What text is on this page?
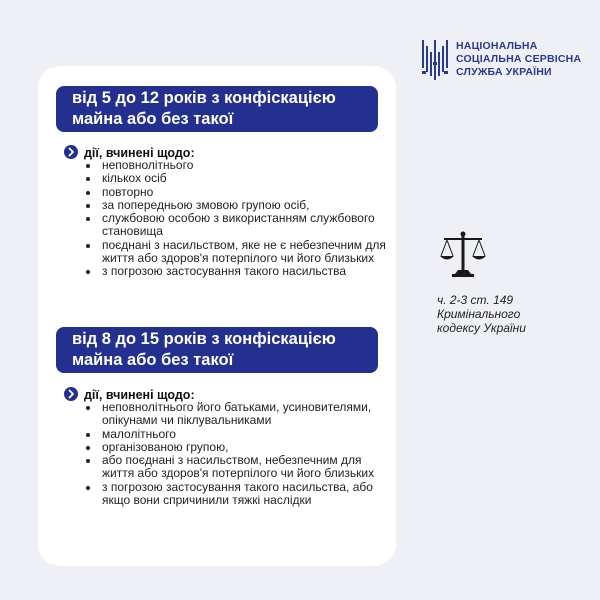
НАЦІОНАЛЬНА
СОЦІАЛЬНА СЕРВІСНА
СЛУЖБА УКРАЇНИ
від 5 до 12 років з конфіскацією
майна або без такої
дії, вчинені щодо:
• неповнолітнього
• кількох осіб
• повторно
• за попередньою змовою групою осіб,
• службовою особою з використанням службового становища
• поєднані з насильством, яке не є небезпечним для життя або здоров'я потерпілого чи його близьких
• з погрозою застосування такого насильства
від 8 до 15 років з конфіскацією
майна або без такої
дії, вчинені щодо:
• неповнолітнього його батьками, усиновителями, опікунами чи піклувальниками
• малолітнього
• організованою групою,
• або поєднані з насильством, небезпечним для життя або здоров'я потерпілого чи його близьких
• з погрозою застосування такого насильства, або якщо вони спричинили тяжкі наслідки
ч. 2-3 ст. 149
Кримінального
кодексу України
